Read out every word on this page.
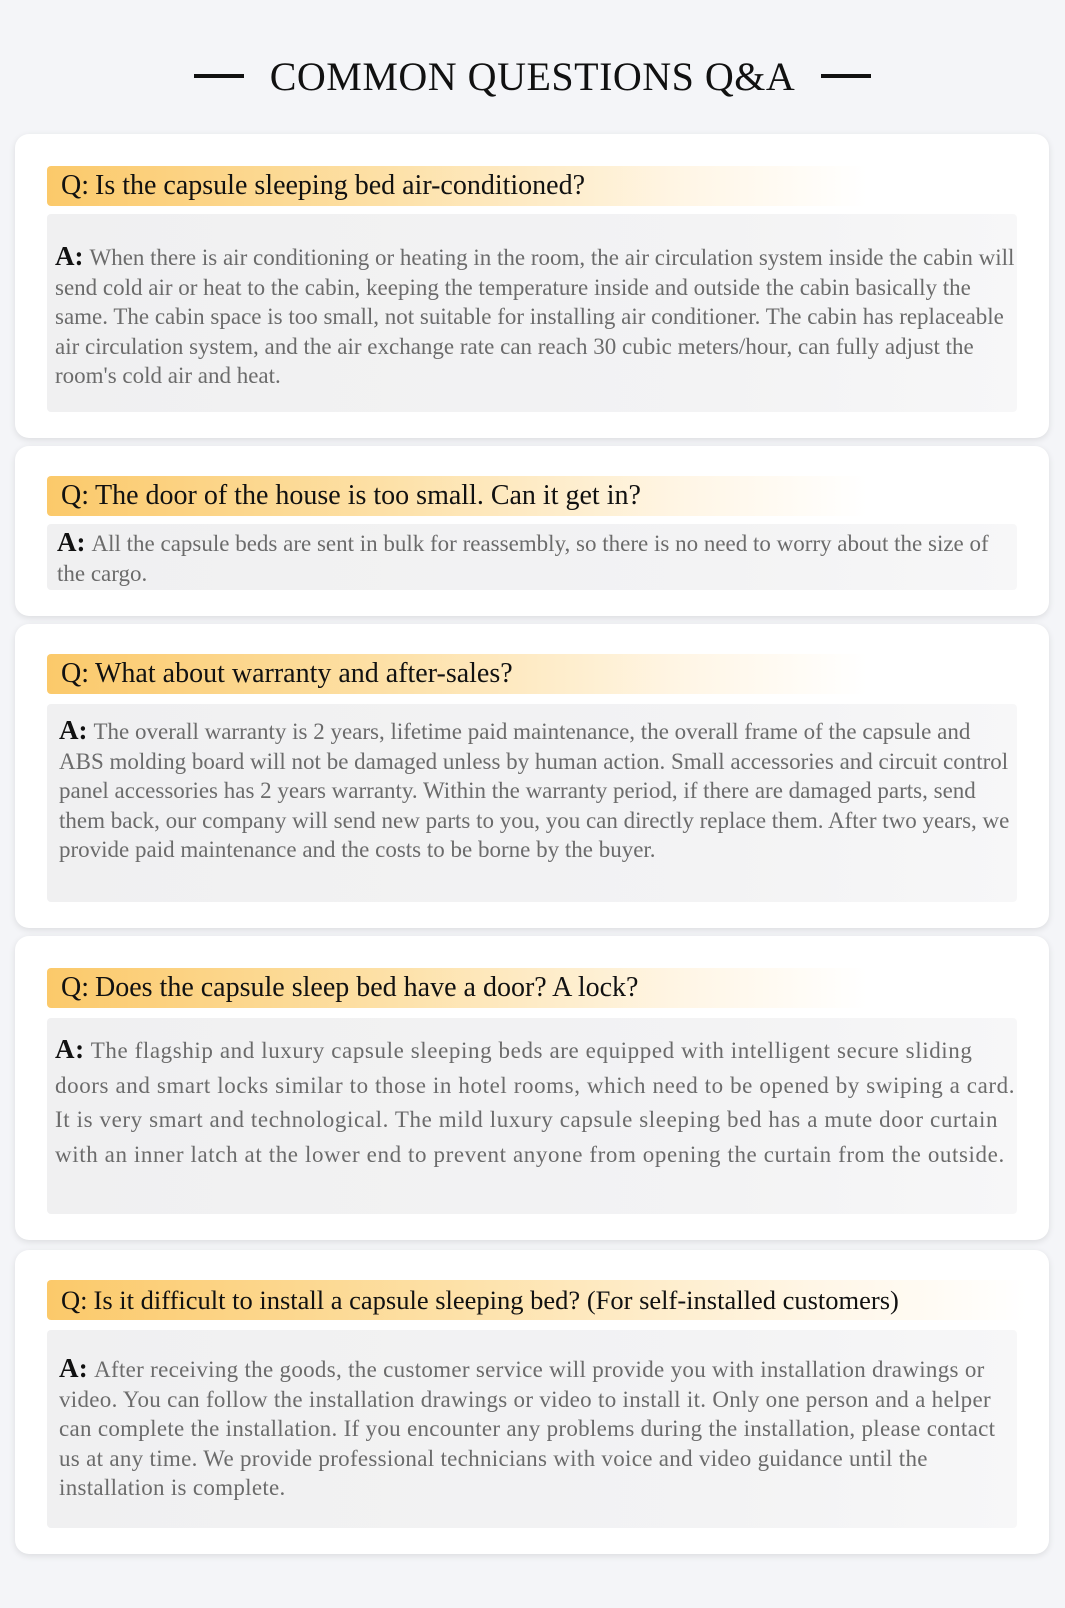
COMMON QUESTIONS Q&A
Q: Is the capsule sleeping bed air-conditioned?
A: When there is air conditioning or heating in the room, the air circulation system inside the cabin will send cold air or heat to the cabin, keeping the temperature inside and outside the cabin basically the same. The cabin space is too small, not suitable for installing air conditioner. The cabin has replaceable air circulation system, and the air exchange rate can reach 30 cubic meters/hour, can fully adjust the room's cold air and heat.
Q: The door of the house is too small. Can it get in?
A: All the capsule beds are sent in bulk for reassembly, so there is no need to worry about the size of the cargo.
Q: What about warranty and after-sales?
A: The overall warranty is 2 years, lifetime paid maintenance, the overall frame of the capsule and ABS molding board will not be damaged unless by human action. Small accessories and circuit control panel accessories has 2 years warranty. Within the warranty period, if there are damaged parts, send them back, our company will send new parts to you, you can directly replace them. After two years, we provide paid maintenance and the costs to be borne by the buyer.
Q: Does the capsule sleep bed have a door? A lock?
A: The flagship and luxury capsule sleeping beds are equipped with intelligent secure sliding doors and smart locks similar to those in hotel rooms, which need to be opened by swiping a card. It is very smart and technological. The mild luxury capsule sleeping bed has a mute door curtain with an inner latch at the lower end to prevent anyone from opening the curtain from the outside.
Q: Is it difficult to install a capsule sleeping bed? (For self-installed customers)
A: After receiving the goods, the customer service will provide you with installation drawings or video. You can follow the installation drawings or video to install it. Only one person and a helper can complete the installation. If you encounter any problems during the installation, please contact us at any time. We provide professional technicians with voice and video guidance until the installation is complete.
